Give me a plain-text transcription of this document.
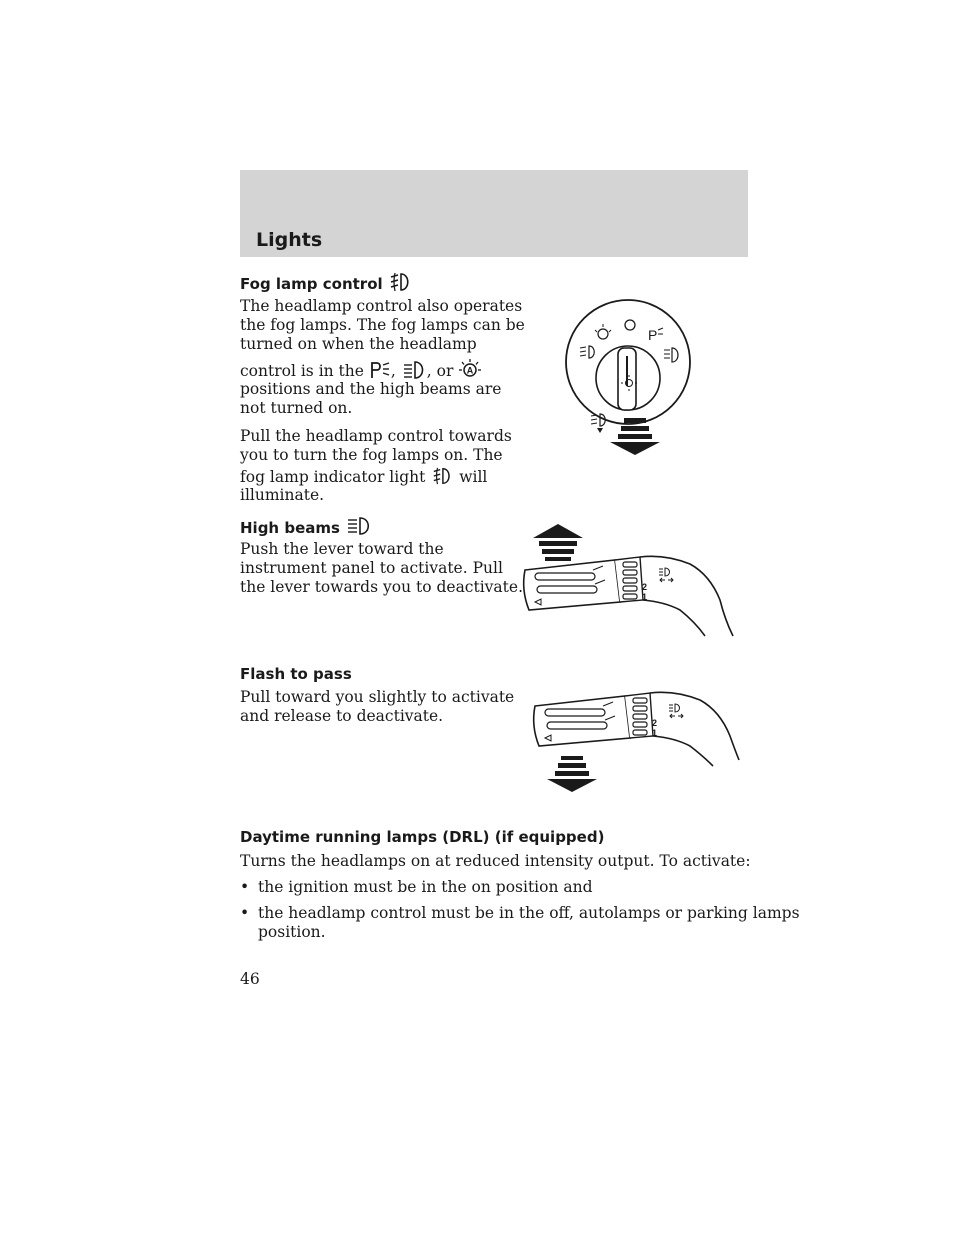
Lights
Fog lamp control
The headlamp control also operates
the fog lamps. The fog lamps can be
turned on when the headlamp
control is in the , , or A
positions and the high beams are
not turned on.
Pull the headlamp control towards
you to turn the fog lamps on. The
fog lamp indicator light will
illuminate.
P
High beams
Push the lever toward the
instrument panel to activate. Pull
the lever towards you to deactivate.	2
1
Flash to pass
Pull toward you slightly to activate
and release to deactivate.	2
1
Daytime running lamps (DRL) (if equipped)
Turns the headlamps on at reduced intensity output. To activate:
• the ignition must be in the on position and
• the headlamp control must be in the off, autolamps or parking lamps
position.
46
